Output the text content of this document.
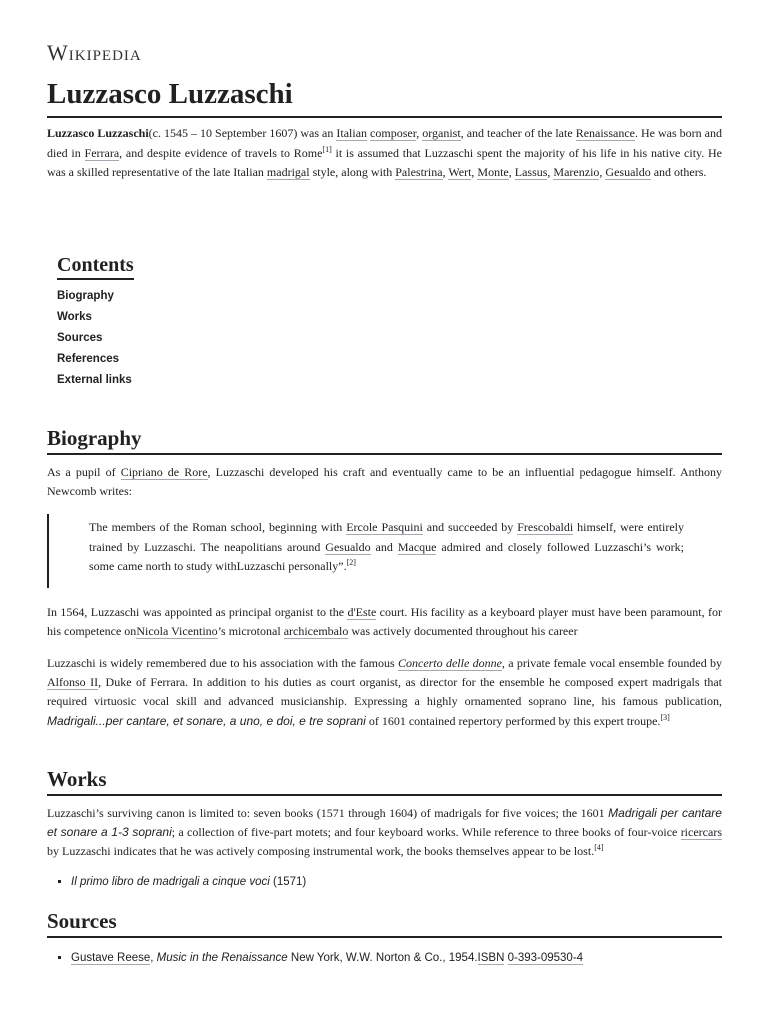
Wikipedia
Luzzasco Luzzaschi

Luzzasco Luzzaschi(c. 1545 – 10 September 1607) was an Italian composer, organist, and teacher of the late Renaissance. He was born and died in Ferrara, and despite evidence of travels to Rome[1] it is assumed that Luzzaschi spent the majority of his life in his native city. He was a skilled representative of the late Italian madrigal style, along with Palestrina, Wert, Monte, Lassus, Marenzio, Gesualdo and others.

Contents
Biography
Works
Sources
References
External links
Biography

As a pupil of Cipriano de Rore, Luzzaschi developed his craft and eventually came to be an influential pedagogue himself. Anthony Newcomb writes:

The members of the Roman school, beginning with Ercole Pasquini and succeeded by Frescobaldi himself, were entirely trained by Luzzaschi. The neapolitians around Gesualdo and Macque admired and closely followed Luzzaschi’s work; some came north to study withLuzzaschi personally”.[2]

In 1564, Luzzaschi was appointed as principal organist to the d'Este court. His facility as a keyboard player must have been paramount, for his competence onNicola Vicentino’s microtonal archicembalo was actively documented throughout his career

Luzzaschi is widely remembered due to his association with the famous Concerto delle donne, a private female vocal ensemble founded by Alfonso II, Duke of Ferrara. In addition to his duties as court organist, as director for the ensemble he composed expert madrigals that required virtuosic vocal skill and advanced musicianship. Expressing a highly ornamented soprano line, his famous publication, Madrigali...per cantare, et sonare, a uno, e doi, e tre soprani of 1601 contained repertory performed by this expert troupe.[3]

Works

Luzzaschi’s surviving canon is limited to: seven books (1571 through 1604) of madrigals for five voices; the 1601 Madrigali per cantare et sonare a 1-3 soprani; a collection of five-part motets; and four keyboard works. While reference to three books of four-voice ricercars by Luzzaschi indicates that he was actively composing instrumental work, the books themselves appear to be lost.[4]

▪ Il primo libro de madrigali a cinque voci (1571)
Sources
▪ Gustave Reese, Music in the Renaissance New York, W.W. Norton & Co., 1954.ISBN 0-393-09530-4
